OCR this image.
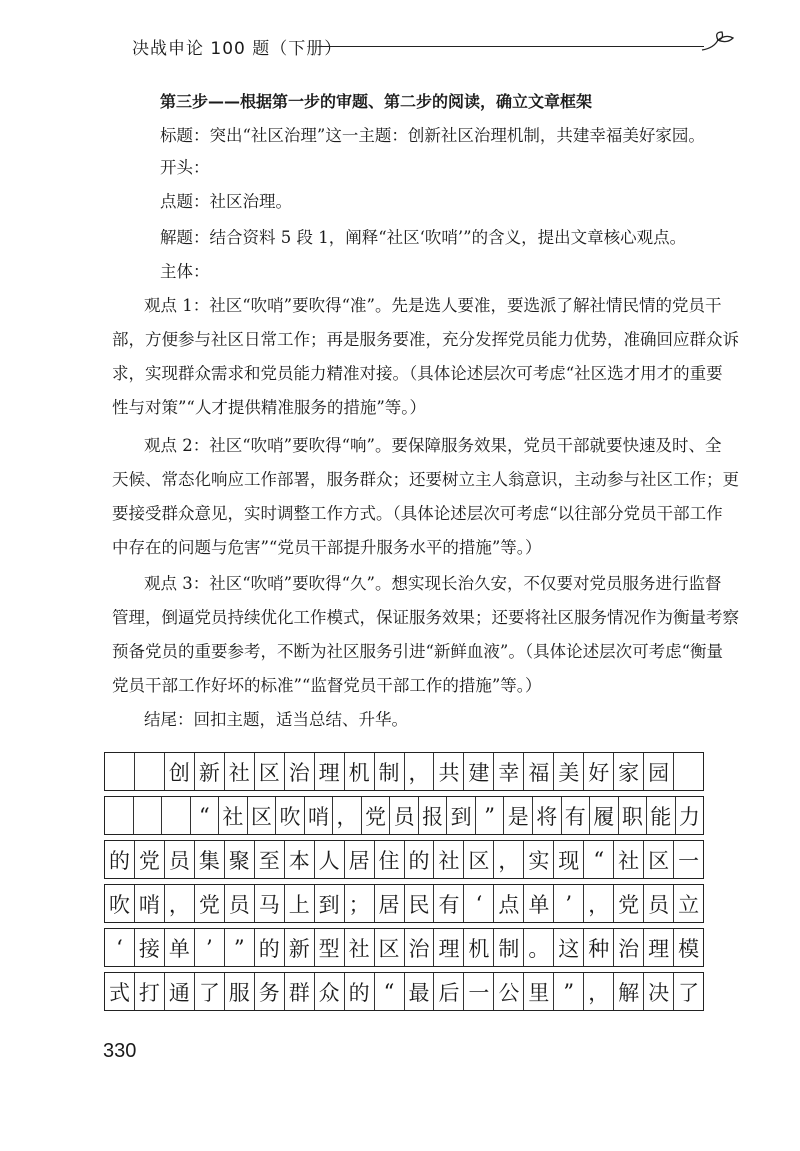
决战申论 100 题（下册）
第三步——根据第一步的审题、第二步的阅读，确立文章框架
标题：突出“社区治理”这一主题：创新社区治理机制，共建幸福美好家园。
开头：
点题：社区治理。
解题：结合资料 5 段 1，阐释“社区‘吹哨’”的含义，提出文章核心观点。
主体：
观点 1：社区“吹哨”要吹得“准”。先是选人要准，要选派了解社情民情的党员干
部，方便参与社区日常工作；再是服务要准，充分发挥党员能力优势，准确回应群众诉
求，实现群众需求和党员能力精准对接。（具体论述层次可考虑“社区选才用才的重要
性与对策”“人才提供精准服务的措施”等。）
观点 2：社区“吹哨”要吹得“响”。要保障服务效果，党员干部就要快速及时、全
天候、常态化响应工作部署，服务群众；还要树立主人翁意识，主动参与社区工作；更
要接受群众意见，实时调整工作方式。（具体论述层次可考虑“以往部分党员干部工作
中存在的问题与危害”“党员干部提升服务水平的措施”等。）
观点 3：社区“吹哨”要吹得“久”。想实现长治久安，不仅要对党员服务进行监督
管理，倒逼党员持续优化工作模式，保证服务效果；还要将社区服务情况作为衡量考察
预备党员的重要参考，不断为社区服务引进“新鲜血液”。（具体论述层次可考虑“衡量
党员干部工作好坏的标准”“监督党员干部工作的措施”等。）
结尾：回扣主题，适当总结、升华。
创 新 社 区 治 理 机 制 ， 共 建 幸 福 美 好 家 园
“ 社 区 吹 哨 ， 党 员 报 到 ” 是 将 有 履 职 能 力
的 党 员 集 聚 至 本 人 居 住 的 社 区 ， 实 现 “ 社 区 一
吹 哨 ， 党 员 马 上 到 ； 居 民 有 ‘ 点 单 ’ ， 党 员 立
‘ 接 单 ’	” 的 新 型 社 区 治 理 机 制 。 这 种 治 理 模
式 打 通 了 服 务 群 众 的 “ 最 后 一 公 里 ” ， 解 决 了
330
